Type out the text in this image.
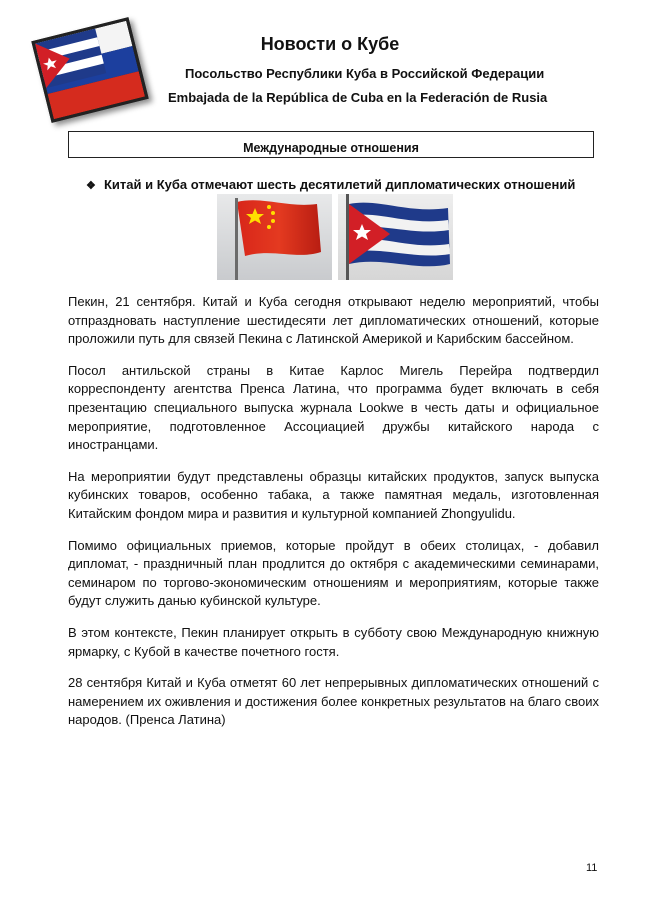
Новости о Кубе
Посольство Республики Куба в Российской Федерации
Embajada de la República de Cuba en la Federación de Rusia
Международные отношения
❖ Китай и Куба отмечают шесть десятилетий дипломатических отношений

Пекин, 21 сентября. Китай и Куба сегодня открывают неделю мероприятий, чтобы отпраздновать наступление шестидесяти лет дипломатических отношений, которые проложили путь для связей Пекина с Латинской Америкой и Карибским бассейном.

Посол антильской страны в Китае Карлос Мигель Перейра подтвердил корреспонденту агентства Пренса Латина, что программа будет включать в себя презентацию специального выпуска журнала Lookwe в честь даты и официальное мероприятие, подготовленное Ассоциацией дружбы китайского народа с иностранцами.

На мероприятии будут представлены образцы китайских продуктов, запуск выпуска кубинских товаров, особенно табака, а также памятная медаль, изготовленная Китайским фондом мира и развития и культурной компанией Zhongyulidu.

Помимо официальных приемов, которые пройдут в обеих столицах, - добавил дипломат, - праздничный план продлится до октября с академическими семинарами, семинаром по торгово-экономическим отношениям и мероприятиям, которые также будут служить данью кубинской культуре.

В этом контексте, Пекин планирует открыть в субботу свою Международную книжную ярмарку, с Кубой в качестве почетного гостя.

28 сентября Китай и Куба отметят 60 лет непрерывных дипломатических отношений с намерением их оживления и достижения более конкретных результатов на благо своих народов. (Пренса Латина)

11
